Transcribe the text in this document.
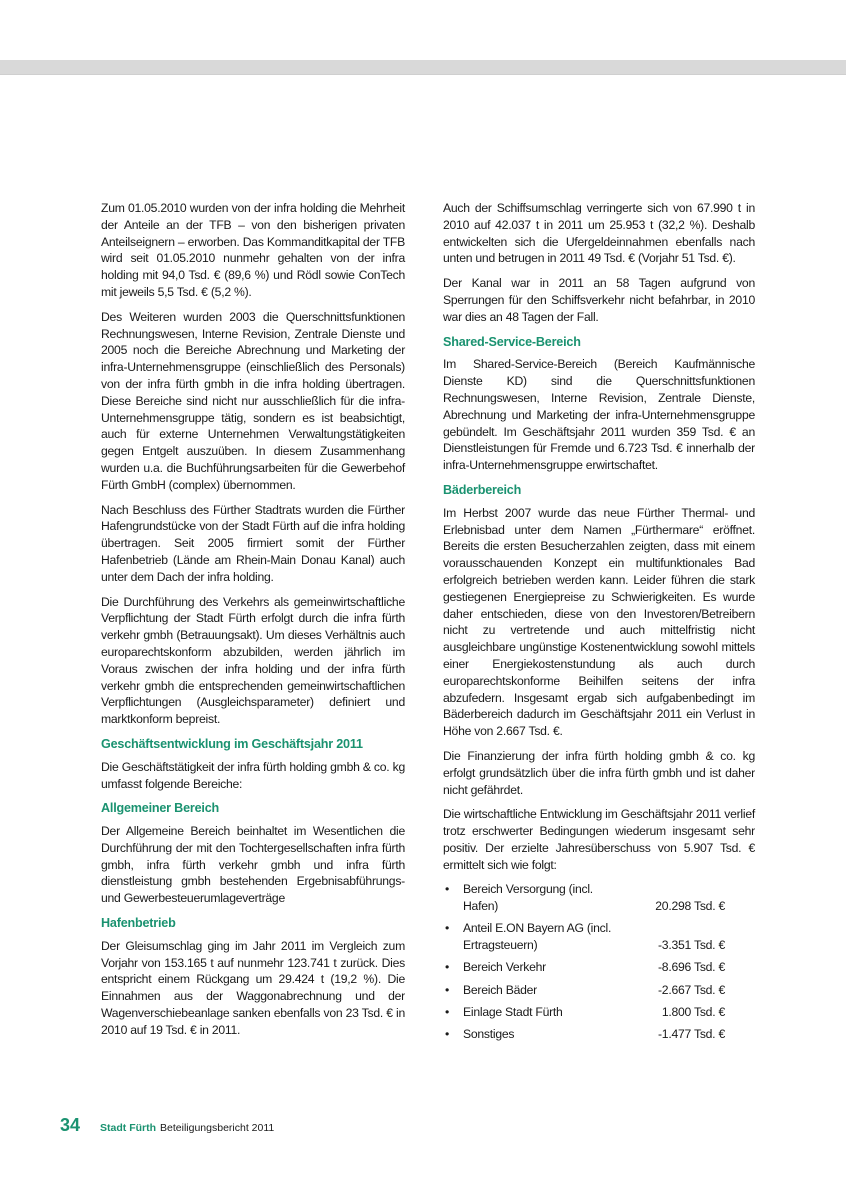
Zum 01.05.2010 wurden von der infra holding die Mehrheit der Anteile an der TFB – von den bisherigen privaten Anteilseignern – erworben. Das Kommanditkapital der TFB wird seit 01.05.2010 nunmehr gehalten von der infra holding mit 94,0 Tsd. € (89,6 %) und Rödl sowie ConTech mit jeweils 5,5 Tsd. € (5,2 %).

Des Weiteren wurden 2003 die Querschnittsfunktionen Rechnungswesen, Interne Revision, Zentrale Dienste und 2005 noch die Bereiche Abrechnung und Marketing der infra-Unternehmensgruppe (einschließlich des Personals) von der infra fürth gmbh in die infra holding übertragen. Diese Bereiche sind nicht nur ausschließlich für die infra-Unternehmensgruppe tätig, sondern es ist beabsichtigt, auch für externe Unternehmen Verwaltungstätigkeiten gegen Entgelt auszuüben. In diesem Zusammenhang wurden u.a. die Buchführungsarbeiten für die Gewerbehof Fürth GmbH (complex) übernommen.

Nach Beschluss des Fürther Stadtrats wurden die Fürther Hafengrundstücke von der Stadt Fürth auf die infra holding übertragen. Seit 2005 firmiert somit der Fürther Hafenbetrieb (Lände am Rhein-Main Donau Kanal) auch unter dem Dach der infra holding.

Die Durchführung des Verkehrs als gemeinwirtschaftliche Verpflichtung der Stadt Fürth erfolgt durch die infra fürth verkehr gmbh (Betrauungsakt). Um dieses Verhältnis auch europarechtskonform abzubilden, werden jährlich im Voraus zwischen der infra holding und der infra fürth verkehr gmbh die entsprechenden gemeinwirtschaftlichen Verpflichtungen (Ausgleichsparameter) definiert und marktkonform bepreist.

Geschäftsentwicklung im Geschäftsjahr 2011

Die Geschäftstätigkeit der infra fürth holding gmbh & co. kg umfasst folgende Bereiche:

Allgemeiner Bereich

Der Allgemeine Bereich beinhaltet im Wesentlichen die Durchführung der mit den Tochtergesellschaften infra fürth gmbh, infra fürth verkehr gmbh und infra fürth dienstleistung gmbh bestehenden Ergebnisabführungs- und Gewerbesteuerumlageverträge

Hafenbetrieb

Der Gleisumschlag ging im Jahr 2011 im Vergleich zum Vorjahr von 153.165 t auf nunmehr 123.741 t zurück. Dies entspricht einem Rückgang um 29.424 t (19,2 %). Die Einnahmen aus der Waggonabrechnung und der Wagenverschiebeanlage sanken ebenfalls von 23 Tsd. € in 2010 auf 19 Tsd. € in 2011.

Auch der Schiffsumschlag verringerte sich von 67.990 t in 2010 auf 42.037 t in 2011 um 25.953 t (32,2 %). Deshalb entwickelten sich die Ufergeldeinnahmen ebenfalls nach unten und betrugen in 2011 49 Tsd. € (Vorjahr 51 Tsd. €).

Der Kanal war in 2011 an 58 Tagen aufgrund von Sperrungen für den Schiffsverkehr nicht befahrbar, in 2010 war dies an 48 Tagen der Fall.

Shared-Service-Bereich

Im Shared-Service-Bereich (Bereich Kaufmännische Dienste KD) sind die Querschnittsfunktionen Rechnungswesen, Interne Revision, Zentrale Dienste, Abrechnung und Marketing der infra-Unternehmensgruppe gebündelt. Im Geschäftsjahr 2011 wurden 359 Tsd. € an Dienstleistungen für Fremde und 6.723 Tsd. € innerhalb der infra-Unternehmensgruppe erwirtschaftet.

Bäderbereich

Im Herbst 2007 wurde das neue Fürther Thermal- und Erlebnisbad unter dem Namen „Fürthermare“ eröffnet. Bereits die ersten Besucherzahlen zeigten, dass mit einem vorausschauenden Konzept ein multifunktionales Bad erfolgreich betrieben werden kann. Leider führen die stark gestiegenen Energiepreise zu Schwierigkeiten. Es wurde daher entschieden, diese von den Investoren/Betreibern nicht zu vertretende und auch mittelfristig nicht ausgleichbare ungünstige Kostenentwicklung sowohl mittels einer Energiekostenstundung als auch durch europarechtskonforme Beihilfen seitens der infra abzufedern. Insgesamt ergab sich aufgabenbedingt im Bäderbereich dadurch im Geschäftsjahr 2011 ein Verlust in Höhe von 2.667 Tsd. €.

Die Finanzierung der infra fürth holding gmbh & co. kg erfolgt grundsätzlich über die infra fürth gmbh und ist daher nicht gefährdet.

Die wirtschaftliche Entwicklung im Geschäftsjahr 2011 verlief trotz erschwerter Bedingungen wiederum insgesamt sehr positiv. Der erzielte Jahresüberschuss von 5.907 Tsd. € ermittelt sich wie folgt:

• Bereich Versorgung (incl. Hafen)	20.298 Tsd. €
• Anteil E.ON Bayern AG (incl. Ertragsteuern)	-3.351 Tsd. €
• Bereich Verkehr	-8.696 Tsd. €
• Bereich Bäder	-2.667 Tsd. €
• Einlage Stadt Fürth	1.800 Tsd. €
• Sonstiges	-1.477 Tsd. €
34 Stadt Fürth Beteiligungsbericht 2011
